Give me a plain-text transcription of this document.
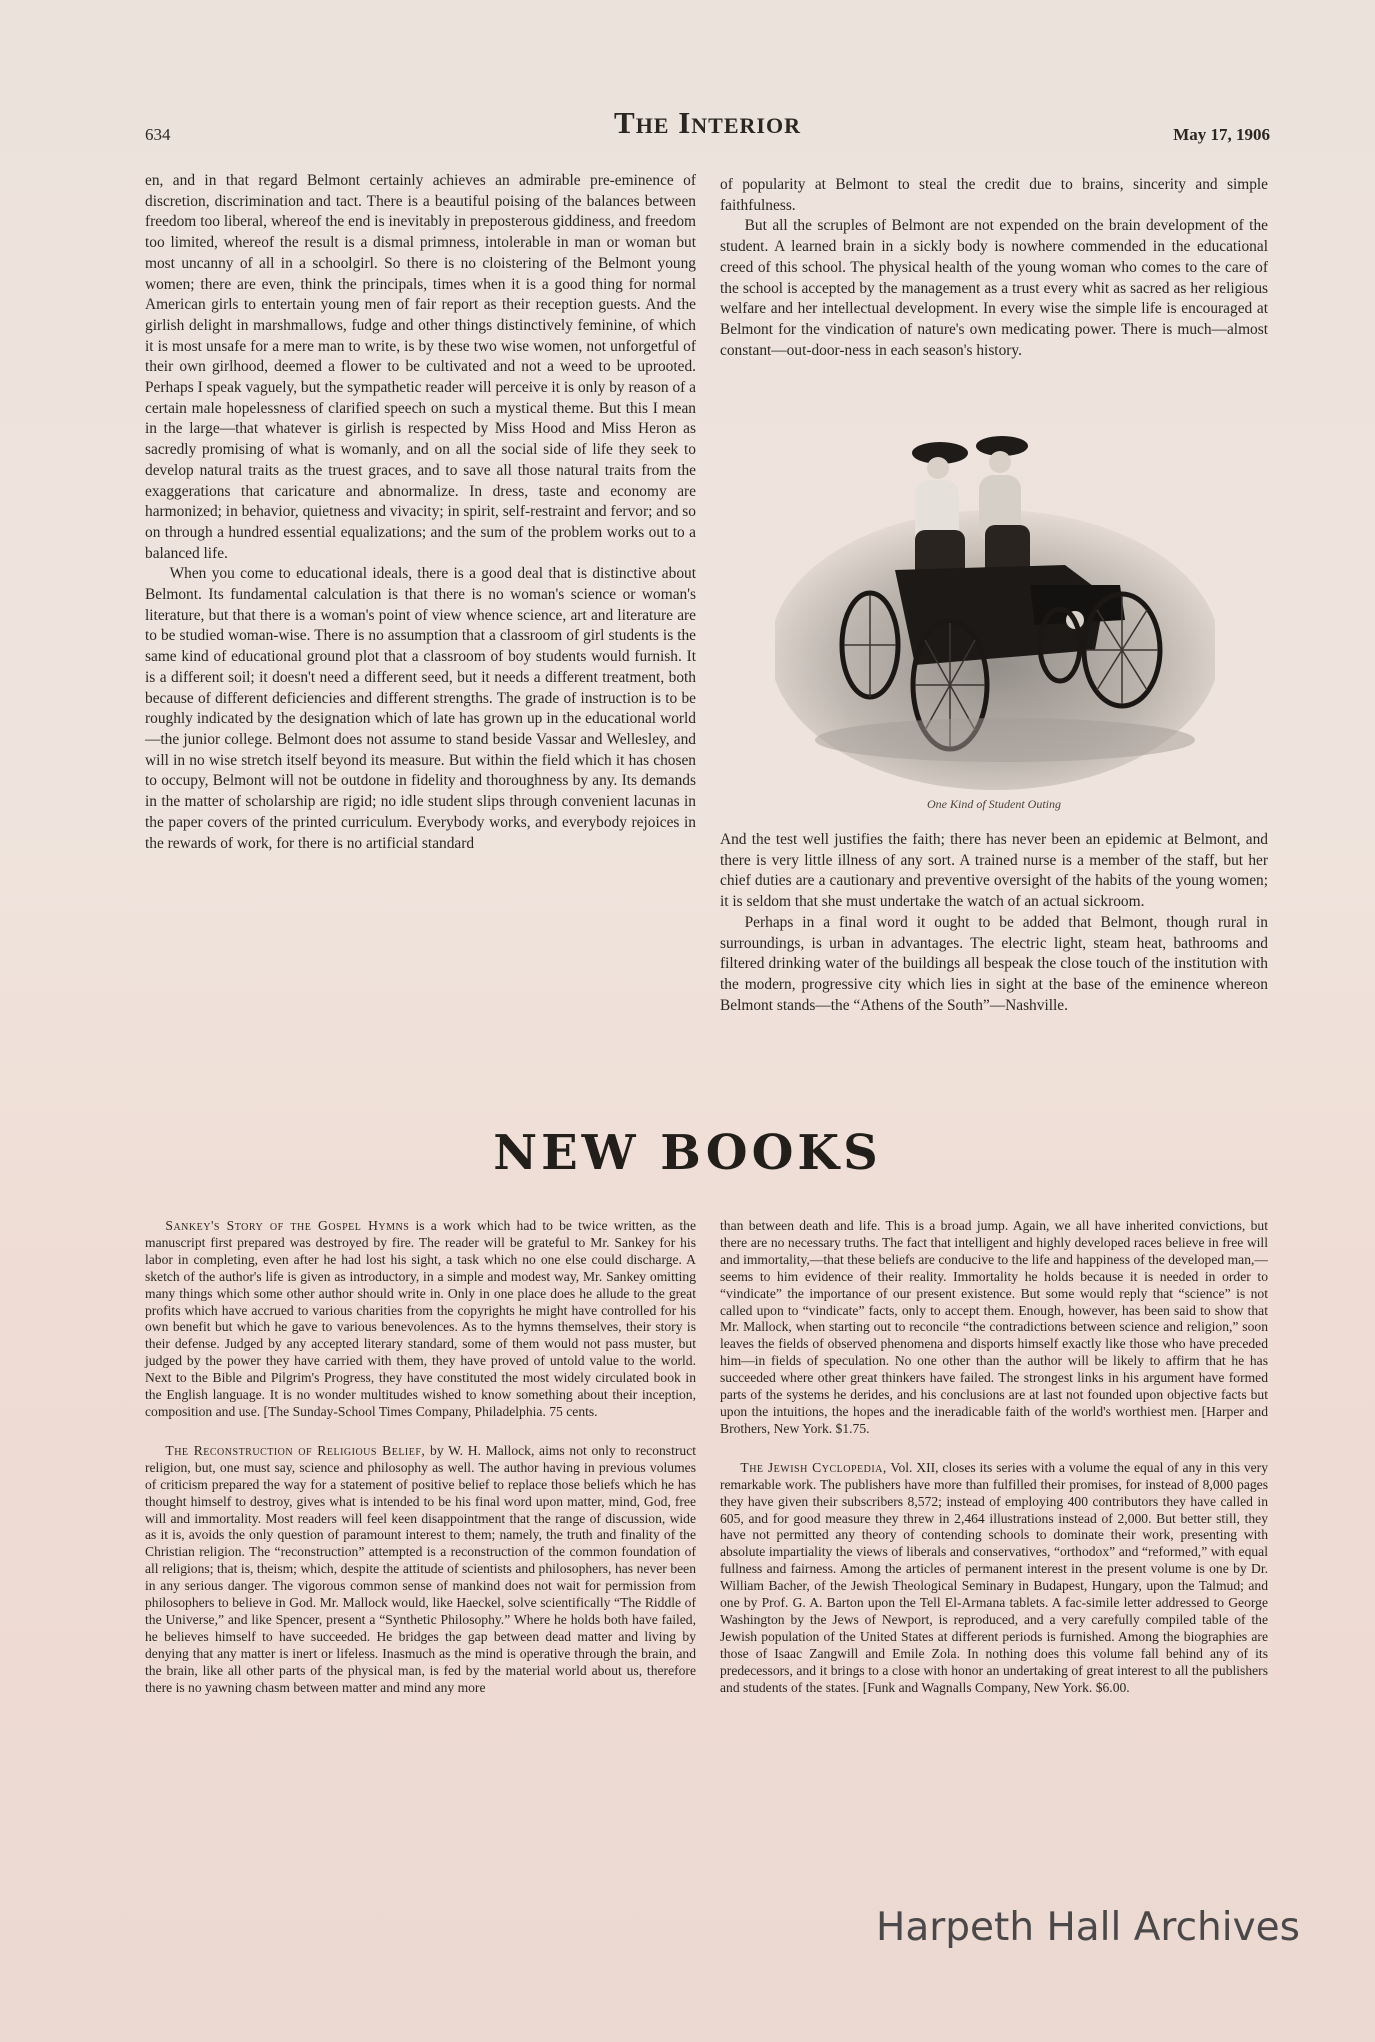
634	The Interior	May 17, 1906

en, and in that regard Belmont certainly achieves an admirable pre-eminence of discretion, discrimination and tact. There is a beautiful poising of the balances between freedom too liberal, whereof the end is inevitably in preposterous giddiness, and freedom too limited, whereof the result is a dismal primness, intolerable in man or woman but most uncanny of all in a schoolgirl. So there is no cloistering of the Belmont young women; there are even, think the principals, times when it is a good thing for normal American girls to entertain young men of fair report as their reception guests. And the girlish delight in marshmallows, fudge and other things distinctively feminine, of which it is most unsafe for a mere man to write, is by these two wise women, not unforgetful of their own girlhood, deemed a flower to be cultivated and not a weed to be uprooted. Perhaps I speak vaguely, but the sympathetic reader will perceive it is only by reason of a certain male hopelessness of clarified speech on such a mystical theme. But this I mean in the large—that whatever is girlish is respected by Miss Hood and Miss Heron as sacredly promising of what is womanly, and on all the social side of life they seek to develop natural traits as the truest graces, and to save all those natural traits from the exaggerations that caricature and abnormalize. In dress, taste and economy are harmonized; in behavior, quietness and vivacity; in spirit, self-restraint and fervor; and so on through a hundred essential equalizations; and the sum of the problem works out to a balanced life.

When you come to educational ideals, there is a good deal that is distinctive about Belmont. Its fundamental calculation is that there is no woman's science or woman's literature, but that there is a woman's point of view whence science, art and literature are to be studied woman-wise. There is no assumption that a classroom of girl students is the same kind of educational ground plot that a classroom of boy students would furnish. It is a different soil; it doesn't need a different seed, but it needs a different treatment, both because of different deficiencies and different strengths. The grade of instruction is to be roughly indicated by the designation which of late has grown up in the educational world—the junior college. Belmont does not assume to stand beside Vassar and Wellesley, and will in no wise stretch itself beyond its measure. But within the field which it has chosen to occupy, Belmont will not be outdone in fidelity and thoroughness by any. Its demands in the matter of scholarship are rigid; no idle student slips through convenient lacunas in the paper covers of the printed curriculum. Everybody works, and everybody rejoices in the rewards of work, for there is no artificial standard

of popularity at Belmont to steal the credit due to brains, sincerity and simple faithfulness.

But all the scruples of Belmont are not expended on the brain development of the student. A learned brain in a sickly body is nowhere commended in the educational creed of this school. The physical health of the young woman who comes to the care of the school is accepted by the management as a trust every whit as sacred as her religious welfare and her intellectual development. In every wise the simple life is encouraged at Belmont for the vindication of nature's own medicating power. There is much—almost constant—out-door-ness in each season's history.

One Kind of Student Outing

And the test well justifies the faith; there has never been an epidemic at Belmont, and there is very little illness of any sort. A trained nurse is a member of the staff, but her chief duties are a cautionary and preventive oversight of the habits of the young women; it is seldom that she must undertake the watch of an actual sickroom.

Perhaps in a final word it ought to be added that Belmont, though rural in surroundings, is urban in advantages. The electric light, steam heat, bathrooms and filtered drinking water of the buildings all bespeak the close touch of the institution with the modern, progressive city which lies in sight at the base of the eminence whereon Belmont stands—the “Athens of the South”—Nashville.

NEW BOOKS

Sankey's Story of the Gospel Hymns is a work which had to be twice written, as the manuscript first prepared was destroyed by fire. The reader will be grateful to Mr. Sankey for his labor in completing, even after he had lost his sight, a task which no one else could discharge. A sketch of the author's life is given as introductory, in a simple and modest way, Mr. Sankey omitting many things which some other author should write in. Only in one place does he allude to the great profits which have accrued to various charities from the copyrights he might have controlled for his own benefit but which he gave to various benevolences. As to the hymns themselves, their story is their defense. Judged by any accepted literary standard, some of them would not pass muster, but judged by the power they have carried with them, they have proved of untold value to the world. Next to the Bible and Pilgrim's Progress, they have constituted the most widely circulated book in the English language. It is no wonder multitudes wished to know something about their inception, composition and use. [The Sunday-School Times Company, Philadelphia. 75 cents.

The Reconstruction of Religious Belief, by W. H. Mallock, aims not only to reconstruct religion, but, one must say, science and philosophy as well. The author having in previous volumes of criticism prepared the way for a statement of positive belief to replace those beliefs which he has thought himself to destroy, gives what is intended to be his final word upon matter, mind, God, free will and immortality. Most readers will feel keen disappointment that the range of discussion, wide as it is, avoids the only question of paramount interest to them; namely, the truth and finality of the Christian religion. The “reconstruction” attempted is a reconstruction of the common foundation of all religions; that is, theism; which, despite the attitude of scientists and philosophers, has never been in any serious danger. The vigorous common sense of mankind does not wait for permission from philosophers to believe in God. Mr. Mallock would, like Haeckel, solve scientifically “The Riddle of the Universe,” and like Spencer, present a “Synthetic Philosophy.” Where he holds both have failed, he believes himself to have succeeded. He bridges the gap between dead matter and living by denying that any matter is inert or lifeless. Inasmuch as the mind is operative through the brain, and the brain, like all other parts of the physical man, is fed by the material world about us, therefore there is no yawning chasm between matter and mind any more

than between death and life. This is a broad jump. Again, we all have inherited convictions, but there are no necessary truths. The fact that intelligent and highly developed races believe in free will and immortality,—that these beliefs are conducive to the life and happiness of the developed man,—seems to him evidence of their reality. Immortality he holds because it is needed in order to “vindicate” the importance of our present existence. But some would reply that “science” is not called upon to “vindicate” facts, only to accept them. Enough, however, has been said to show that Mr. Mallock, when starting out to reconcile “the contradictions between science and religion,” soon leaves the fields of observed phenomena and disports himself exactly like those who have preceded him—in fields of speculation. No one other than the author will be likely to affirm that he has succeeded where other great thinkers have failed. The strongest links in his argument have formed parts of the systems he derides, and his conclusions are at last not founded upon objective facts but upon the intuitions, the hopes and the ineradicable faith of the world's worthiest men. [Harper and Brothers, New York. $1.75.

The Jewish Cyclopedia, Vol. XII, closes its series with a volume the equal of any in this very remarkable work. The publishers have more than fulfilled their promises, for instead of 8,000 pages they have given their subscribers 8,572; instead of employing 400 contributors they have called in 605, and for good measure they threw in 2,464 illustrations instead of 2,000. But better still, they have not permitted any theory of contending schools to dominate their work, presenting with absolute impartiality the views of liberals and conservatives, “orthodox” and “reformed,” with equal fullness and fairness. Among the articles of permanent interest in the present volume is one by Dr. William Bacher, of the Jewish Theological Seminary in Budapest, Hungary, upon the Talmud; and one by Prof. G. A. Barton upon the Tell El-Armana tablets. A fac-simile letter addressed to George Washington by the Jews of Newport, is reproduced, and a very carefully compiled table of the Jewish population of the United States at different periods is furnished. Among the biographies are those of Isaac Zangwill and Emile Zola. In nothing does this volume fall behind any of its predecessors, and it brings to a close with honor an undertaking of great interest to all the publishers and students of the states. [Funk and Wagnalls Company, New York. $6.00.

Harpeth Hall Archives
